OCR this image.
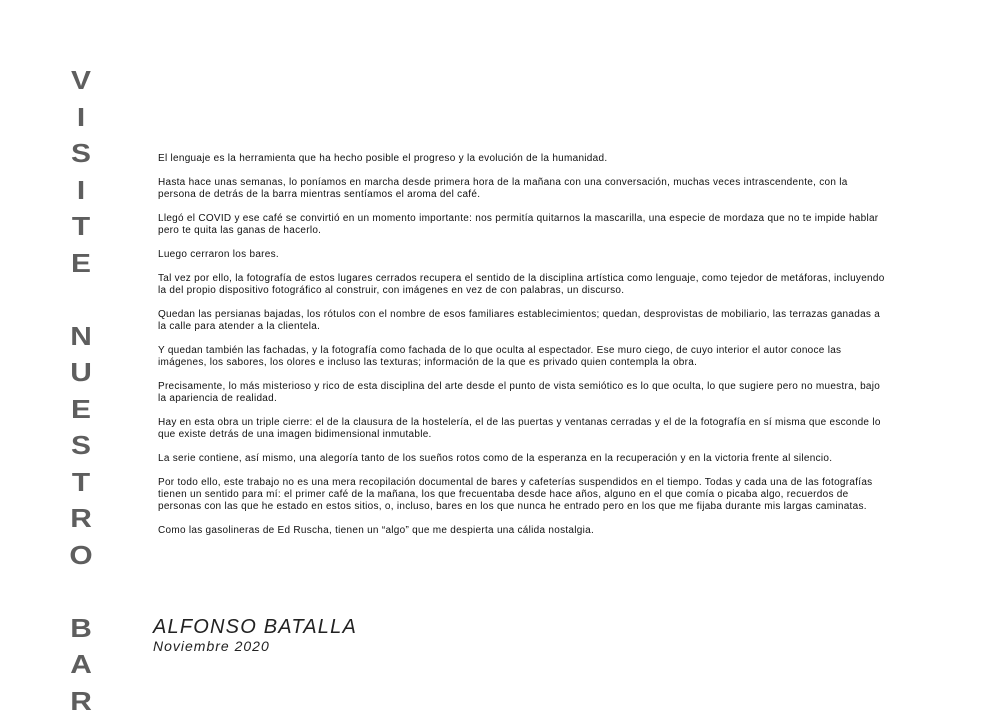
V
I
S
I
T
E

N
U
E
S
T
R
O

B
A
R

El lenguaje es la herramienta que ha hecho posible el progreso y la evolución de la humanidad.

Hasta hace unas semanas, lo poníamos en marcha desde primera hora de la mañana con una conversación, muchas veces intrascendente, con la persona de detrás de la barra mientras sentíamos el aroma del café.

Llegó el COVID y ese café se convirtió en un momento importante: nos permitía quitarnos la mascarilla, una especie de mordaza que no te impide hablar pero te quita las ganas de hacerlo.

Luego cerraron los bares.

Tal vez por ello, la fotografía de estos lugares cerrados recupera el sentido de la disciplina artística como lenguaje, como tejedor de metáforas, incluyendo la del propio dispositivo fotográfico al construir, con imágenes en vez de con palabras, un discurso.

Quedan las persianas bajadas, los rótulos con el nombre de esos familiares establecimientos; quedan, desprovistas de mobiliario, las terrazas ganadas a la calle para atender a la clientela.

Y quedan también las fachadas, y la fotografía como fachada de lo que oculta al espectador. Ese muro ciego, de cuyo interior el autor conoce las imágenes, los sabores, los olores e incluso las texturas; información de la que es privado quien contempla la obra.

Precisamente, lo más misterioso y rico de esta disciplina del arte desde el punto de vista semiótico es lo que oculta, lo que sugiere pero no muestra, bajo la apariencia de realidad.

Hay en esta obra un triple cierre: el de la clausura de la hostelería, el de las puertas y ventanas cerradas y el de la fotografía en sí misma que esconde lo que existe detrás de una imagen bidimensional inmutable.

La serie contiene, así mismo, una alegoría tanto de los sueños rotos como de la esperanza en la recuperación y en la victoria frente al silencio.

Por todo ello, este trabajo no es una mera recopilación documental de bares y cafeterías suspendidos en el tiempo. Todas y cada una de las fotografías tienen un sentido para mí: el primer café de la mañana, los que frecuentaba desde hace años, alguno en el que comía o picaba algo, recuerdos de personas con las que he estado en estos sitios, o, incluso, bares en los que nunca he entrado pero en los que me fijaba durante mis largas caminatas.

Como las gasolineras de Ed Ruscha, tienen un “algo” que me despierta una cálida nostalgia.

ALFONSO BATALLA
Noviembre 2020
